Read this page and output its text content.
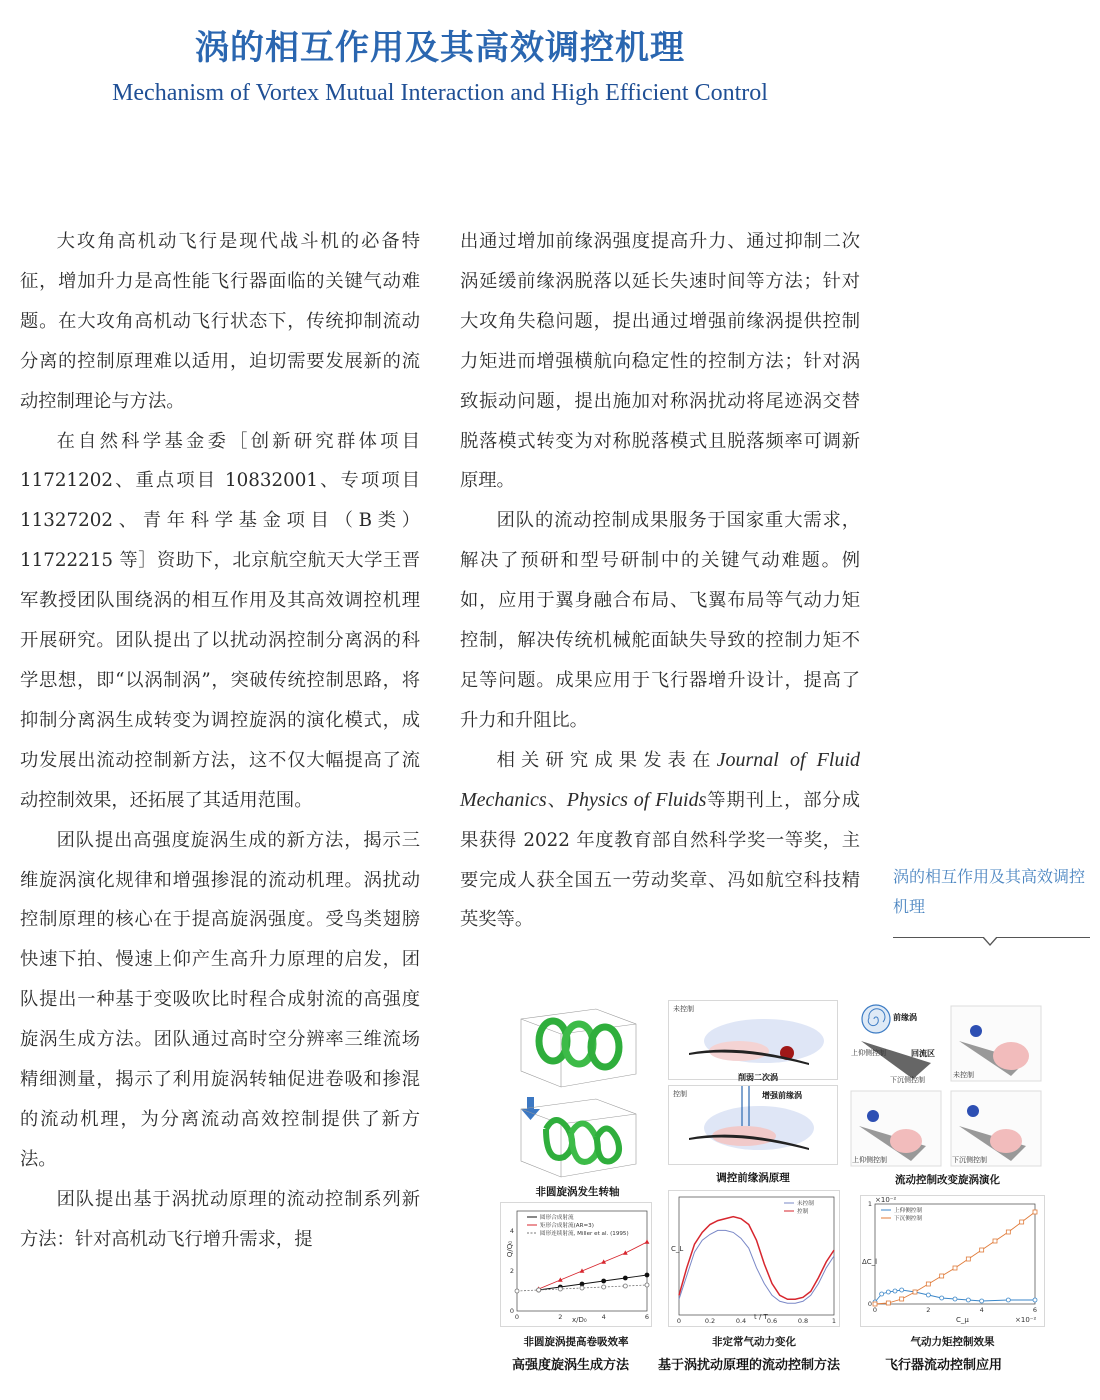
涡的相互作用及其高效调控机理
Mechanism of Vortex Mutual Interaction and High Efficient Control

大攻角高机动飞行是现代战斗机的必备特征，增加升力是高性能飞行器面临的关键气动难题。在大攻角高机动飞行状态下，传统抑制流动分离的控制原理难以适用，迫切需要发展新的流动控制理论与方法。

在自然科学基金委［创新研究群体项目 11721202、重点项目 10832001、专项项目 11327202、青年科学基金项目（B类）11722215 等］资助下，北京航空航天大学王晋军教授团队围绕涡的相互作用及其高效调控机理开展研究。团队提出了以扰动涡控制分离涡的科学思想，即“以涡制涡”，突破传统控制思路，将抑制分离涡生成转变为调控旋涡的演化模式，成功发展出流动控制新方法，这不仅大幅提高了流动控制效果，还拓展了其适用范围。

团队提出高强度旋涡生成的新方法，揭示三维旋涡演化规律和增强掺混的流动机理。涡扰动控制原理的核心在于提高旋涡强度。受鸟类翅膀快速下拍、慢速上仰产生高升力原理的启发，团队提出一种基于变吸吹比时程合成射流的高强度旋涡生成方法。团队通过高时空分辨率三维流场精细测量，揭示了利用旋涡转轴促进卷吸和掺混的流动机理，为分离流动高效控制提供了新方法。

团队提出基于涡扰动原理的流动控制系列新方法：针对高机动飞行增升需求，提

出通过增加前缘涡强度提高升力、通过抑制二次涡延缓前缘涡脱落以延长失速时间等方法；针对大攻角失稳问题，提出通过增强前缘涡提供控制力矩进而增强横航向稳定性的控制方法；针对涡致振动问题，提出施加对称涡扰动将尾迹涡交替脱落模式转变为对称脱落模式且脱落频率可调新原理。

团队的流动控制成果服务于国家重大需求，解决了预研和型号研制中的关键气动难题。例如，应用于翼身融合布局、飞翼布局等气动力矩控制，解决传统机械舵面缺失导致的控制力矩不足等问题。成果应用于飞行器增升设计，提高了升力和升阻比。

相关研究成果发表在Journal of Fluid Mechanics、Physics of Fluids等期刊上，部分成果获得 2022 年度教育部自然科学奖一等奖，主要完成人获全国五一劳动奖章、冯如航空科技精英奖等。

涡的相互作用及其高效调控机理
非圆旋涡发生转轴
未控制
削弱二次涡
控制	增强前缘涡
调控前缘涡原理
前缘涡
上仰侧控制	回流区
下沉侧控制
未控制
上仰侧控制	下沉侧控制
流动控制改变旋涡演化
0	2	4	6
0
2
4
圆形合成射流
矩形合成射流(AR=3)
圆形连续射流, Miller et al. (1995)
Q/Q₀
x/D₀
非圆旋涡提高卷吸效率
0	0.2	0.4	0.6	0.8	1
未控制
控制
C_L
t / T
非定常气动力变化
0	2	4	6
0
1
上仰侧控制
下沉侧控制
ΔC_l
×10⁻²
C_μ	×10⁻²
气动力矩控制效果
高强度旋涡生成方法 基于涡扰动原理的流动控制方法	飞行器流动控制应用
